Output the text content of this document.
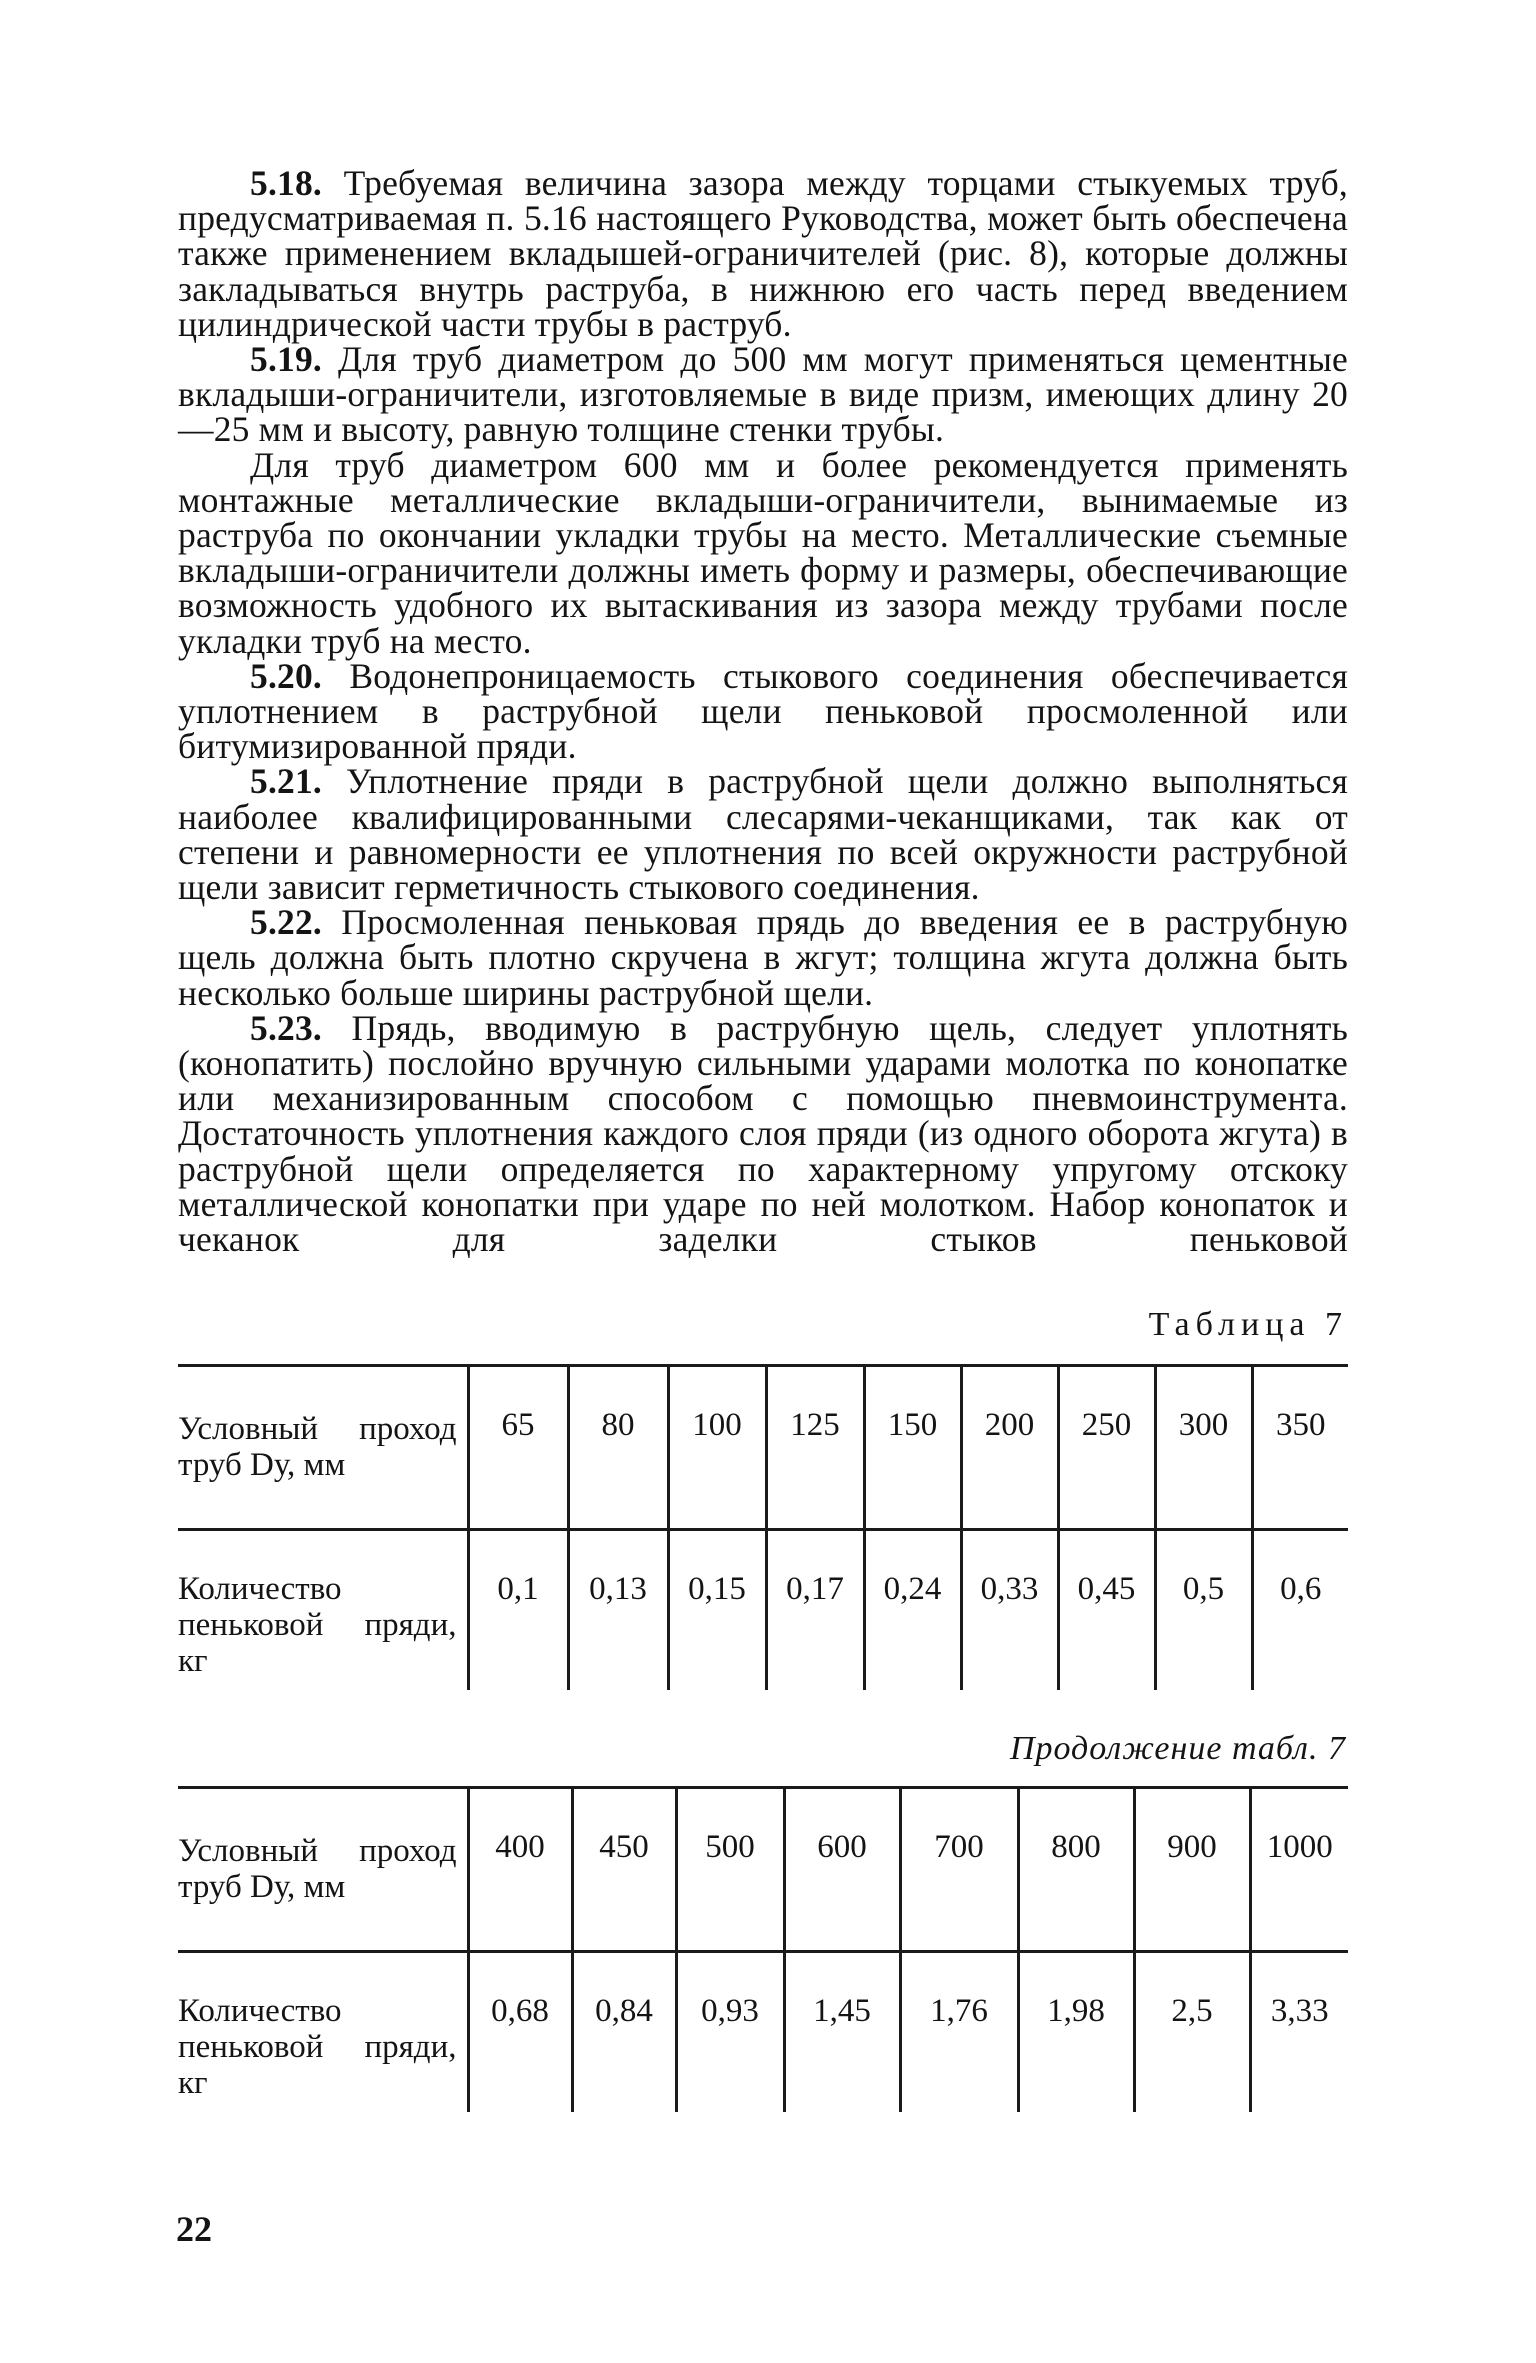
5.18. Требуемая величина зазора между торцами стыкуемых труб, предусматриваемая п. 5.16 настоящего Руководства, может быть обеспечена также применением вкладышей-ограничителей (рис. 8), которые должны закладываться внутрь раструба, в нижнюю его часть перед введением цилиндрической части трубы в раструб.

5.19. Для труб диаметром до 500 мм могут применяться цементные вкладыши-ограничители, изготовляемые в виде призм, имеющих длину 20—25 мм и высоту, равную толщине стенки трубы.

Для труб диаметром 600 мм и более рекомендуется применять монтажные металлические вкладыши-ограничители, вынимаемые из раструба по окончании укладки трубы на место. Металлические съемные вкладыши-ограничители должны иметь форму и размеры, обеспечивающие возможность удобного их вытаскивания из зазора между трубами после укладки труб на место.

5.20. Водонепроницаемость стыкового соединения обеспечивается уплотнением в раструбной щели пеньковой просмоленной или битумизированной пряди.

5.21. Уплотнение пряди в раструбной щели должно выполняться наиболее квалифицированными слесарями-чеканщиками, так как от степени и равномерности ее уплотнения по всей окружности раструбной щели зависит герметичность стыкового соединения.

5.22. Просмоленная пеньковая прядь до введения ее в раструбную щель должна быть плотно скручена в жгут; толщина жгута должна быть несколько больше ширины раструбной щели.

5.23. Прядь, вводимую в раструбную щель, следует уплотнять (конопатить) послойно вручную сильными ударами молотка по конопатке или механизированным способом с помощью пневмоинструмента. Достаточность уплотнения каждого слоя пряди (из одного оборота жгута) в раструбной щели определяется по характерному упругому отскоку металлической конопатки при ударе по ней молотком. Набор конопаток и чеканок для заделки стыков пеньковой

Таблица 7
Условный проход труб Dу, мм	65	80	100	125	150	200	250	300	350
Количество пеньковой пряди, кг	0,1	0,13	0,15	0,17	0,24	0,33	0,45	0,5	0,6
Продолжение табл. 7
Условный проход труб Dу, мм	400	450	500	600	700	800	900	1000
Количество пеньковой пряди, кг	0,68	0,84	0,93	1,45	1,76	1,98	2,5	3,33
22
